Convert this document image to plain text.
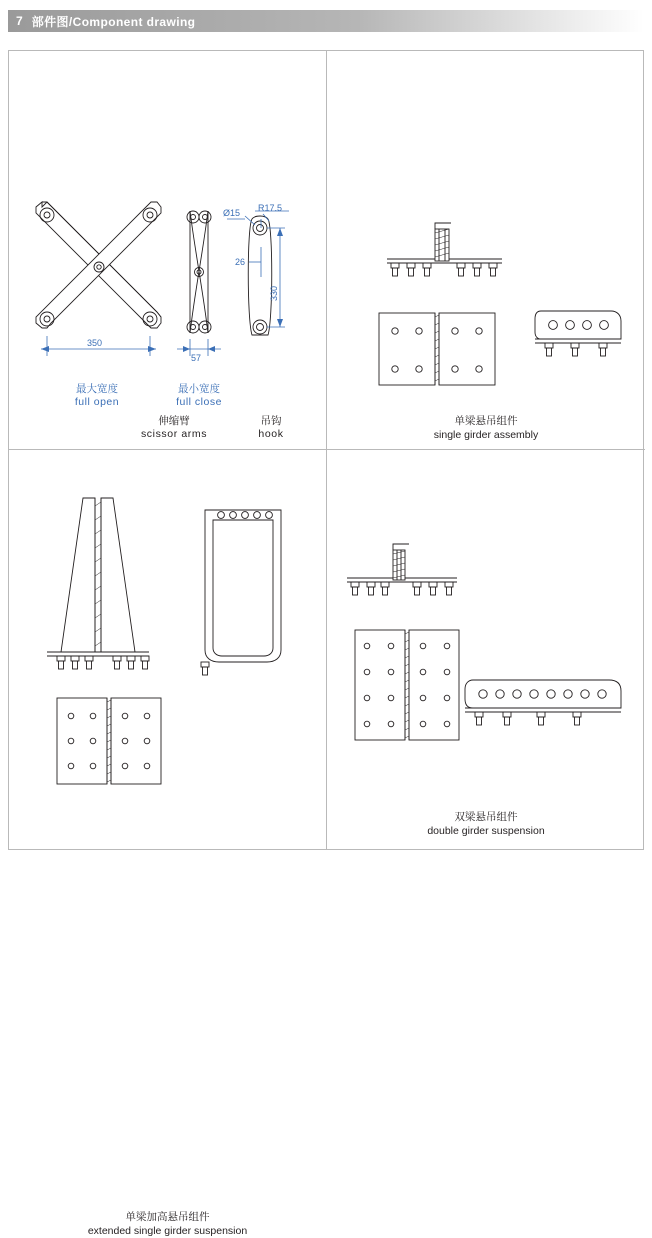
7 部件图/Component drawing
350
57
Ø15 R17.5
26
330
最大宽度
full open
最小宽度
full close
伸缩臂
scissor arms
吊钩
hook
单梁悬吊组件
single girder assembly
单梁加高悬吊组件
extended single girder suspension
双梁悬吊组件
double girder suspension
